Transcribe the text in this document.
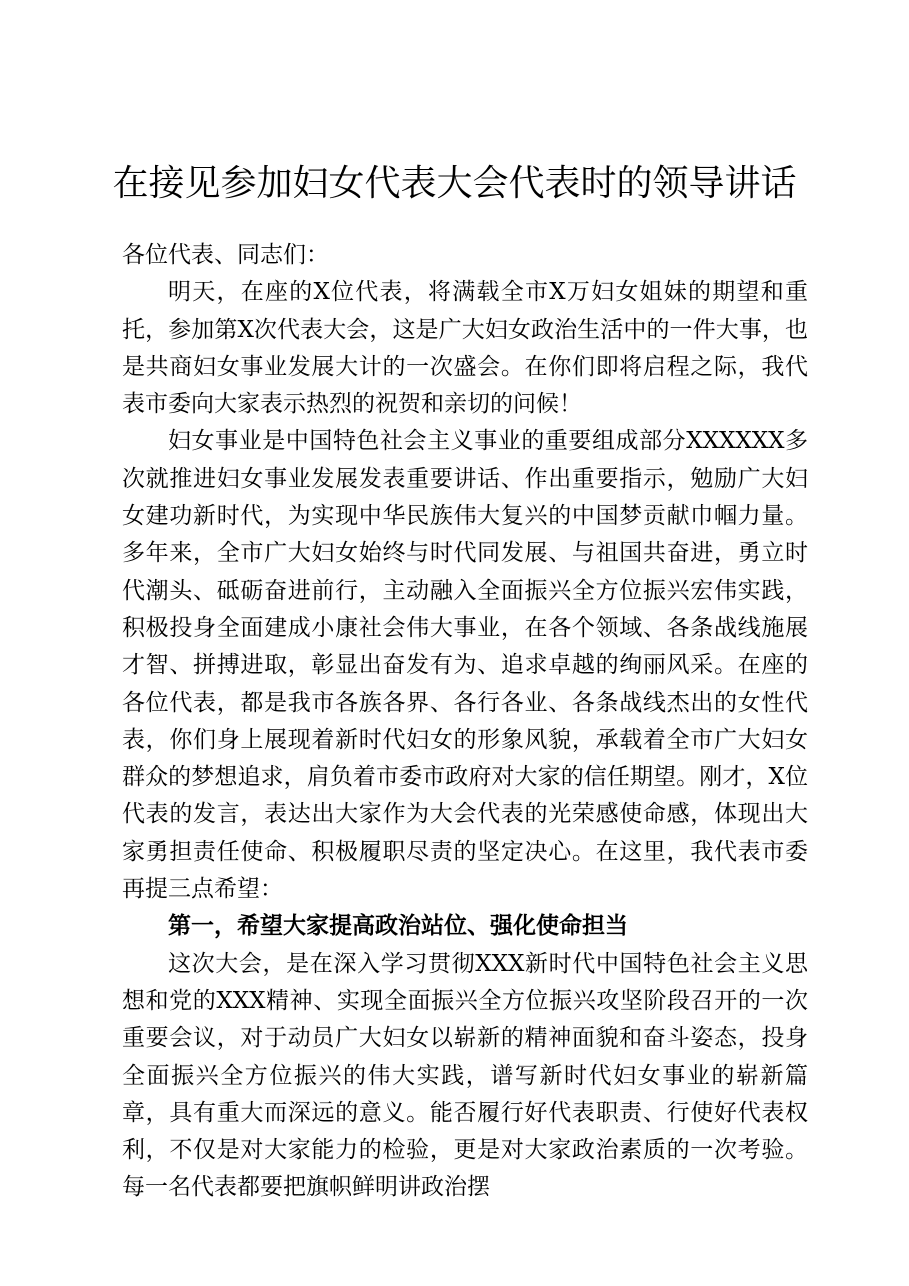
在接见参加妇女代表大会代表时的领导讲话

各位代表、同志们：

明天，在座的X位代表，将满载全市X万妇女姐妹的期望和重托，参加第X次代表大会，这是广大妇女政治生活中的一件大事，也是共商妇女事业发展大计的一次盛会。在你们即将启程之际，我代表市委向大家表示热烈的祝贺和亲切的问候！

妇女事业是中国特色社会主义事业的重要组成部分XXXXXX多次就推进妇女事业发展发表重要讲话、作出重要指示，勉励广大妇女建功新时代，为实现中华民族伟大复兴的中国梦贡献巾帼力量。多年来，全市广大妇女始终与时代同发展、与祖国共奋进，勇立时代潮头、砥砺奋进前行，主动融入全面振兴全方位振兴宏伟实践，积极投身全面建成小康社会伟大事业，在各个领域、各条战线施展才智、拼搏进取，彰显出奋发有为、追求卓越的绚丽风采。在座的各位代表，都是我市各族各界、各行各业、各条战线杰出的女性代表，你们身上展现着新时代妇女的形象风貌，承载着全市广大妇女群众的梦想追求，肩负着市委市政府对大家的信任期望。刚才，X位代表的发言，表达出大家作为大会代表的光荣感使命感，体现出大家勇担责任使命、积极履职尽责的坚定决心。在这里，我代表市委再提三点希望：

第一，希望大家提高政治站位、强化使命担当

这次大会，是在深入学习贯彻XXX新时代中国特色社会主义思想和党的XXX精神、实现全面振兴全方位振兴攻坚阶段召开的一次重要会议，对于动员广大妇女以崭新的精神面貌和奋斗姿态，投身全面振兴全方位振兴的伟大实践，谱写新时代妇女事业的崭新篇章，具有重大而深远的意义。能否履行好代表职责、行使好代表权利，不仅是对大家能力的检验，更是对大家政治素质的一次考验。每一名代表都要把旗帜鲜明讲政治摆
